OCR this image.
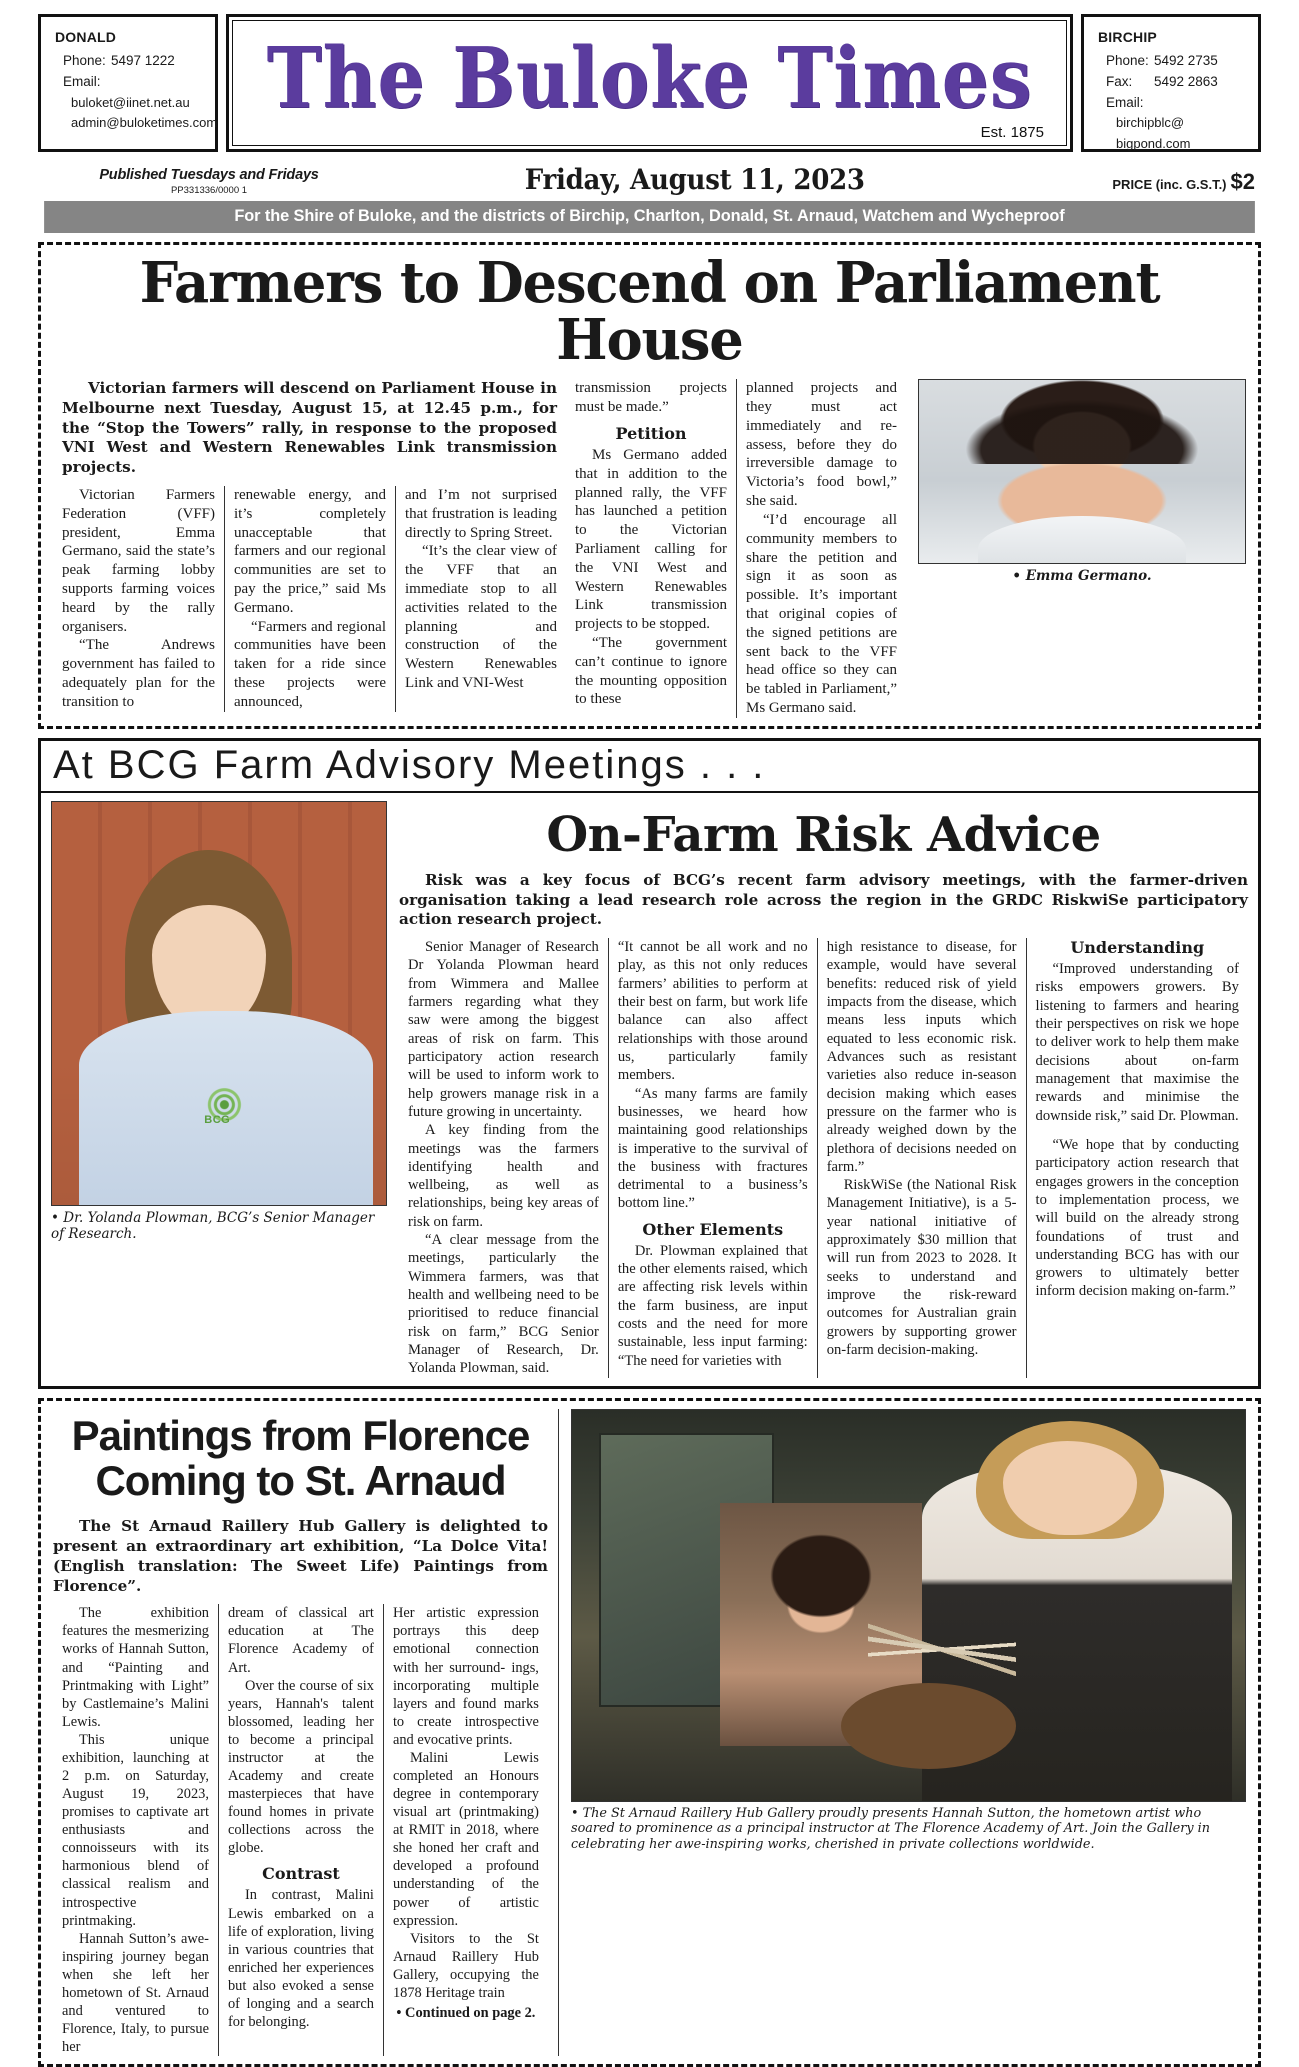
DONALD
Phone: 5497 1222
Email:
buloket@iinet.net.au
admin@buloketimes.com The Buloke Times
Est. 1875
BIRCHIP
Phone: 5492 2735
Fax: 5492 2863
Email:
birchipblc@
bigpond.com
Published Tuesdays and Fridays
PP331336/0000 1	Friday, August 11, 2023	PRICE (inc. G.S.T.) $2
For the Shire of Buloke, and the districts of Birchip, Charlton, Donald, St. Arnaud, Watchem and Wycheproof
Farmers to Descend on Parliament House
Victorian farmers will descend on Parliament House in Melbourne next Tuesday, August 15, at 12.45 p.m., for the “Stop the Towers” rally, in response to the proposed VNI West and Western Renewables Link transmission projects.

Victorian Farmers Federation (VFF) president, Emma Germano, said the state’s peak farming lobby supports farming voices heard by the rally organisers.

“The Andrews government has failed to adequately plan for the transition to

renewable energy, and it’s completely unacceptable that farmers and our regional communities are set to pay the price,” said Ms Germano.

“Farmers and regional communities have been taken for a ride since these projects were announced,

and I’m not surprised that frustration is leading directly to Spring Street.

“It’s the clear view of the VFF that an immediate stop to all activities related to the planning and construction of the Western Renewables Link and VNI-West

transmission projects must be made.”

Petition

Ms Germano added that in addition to the planned rally, the VFF has launched a petition to the Victorian Parliament calling for the VNI West and Western Renewables Link transmission projects to be stopped.

“The government can’t continue to ignore the mounting opposition to these

planned projects and they must act immediately and re-assess, before they do irreversible damage to Victoria’s food bowl,” she said.

“I’d encourage all community members to share the petition and sign it as soon as possible. It’s important that original copies of the signed petitions are sent back to the VFF head office so they can be tabled in Parliament,” Ms Germano said.

• Emma Germano.
At BCG Farm Advisory Meetings . . .
BCG
• Dr. Yolanda Plowman, BCG’s Senior Manager of Research.
On-Farm Risk Advice
Risk was a key focus of BCG’s recent farm advisory meetings, with the farmer-driven organisation taking a lead research role across the region in the GRDC RiskwiSe participatory action research project.

Senior Manager of Research Dr Yolanda Plowman heard from Wimmera and Mallee farmers regarding what they saw were among the biggest areas of risk on farm. This participatory action research will be used to inform work to help growers manage risk in a future growing in uncertainty.

A key finding from the meetings was the farmers identifying health and wellbeing, as well as relationships, being key areas of risk on farm.

“A clear message from the meetings, particularly the Wimmera farmers, was that health and wellbeing need to be prioritised to reduce financial risk on farm,” BCG Senior Manager of Research, Dr. Yolanda Plowman, said.

“It cannot be all work and no play, as this not only reduces farmers’ abilities to perform at their best on farm, but work life balance can also affect relationships with those around us, particularly family members.

“As many farms are family businesses, we heard how maintaining good relationships is imperative to the survival of the business with fractures detrimental to a business’s bottom line.”

Other Elements

Dr. Plowman explained that the other elements raised, which are affecting risk levels within the farm business, are input costs and the need for more sustainable, less input farming: “The need for varieties with

high resistance to disease, for example, would have several benefits: reduced risk of yield impacts from the disease, which means less inputs which equated to less economic risk. Advances such as resistant varieties also reduce in-season decision making which eases pressure on the farmer who is already weighed down by the plethora of decisions needed on farm.”

RiskWiSe (the National Risk Management Initiative), is a 5-year national initiative of approximately $30 million that will run from 2023 to 2028. It seeks to understand and improve the risk-reward outcomes for Australian grain growers by supporting grower on-farm decision-making.

Understanding

“Improved understanding of risks empowers growers. By listening to farmers and hearing their perspectives on risk we hope to deliver work to help them make decisions about on-farm management that maximise the rewards and minimise the downside risk,” said Dr. Plowman.

“We hope that by conducting participatory action research that engages growers in the conception to implementation process, we will build on the already strong foundations of trust and understanding BCG has with our growers to ultimately better inform decision making on-farm.”

Paintings from Florence Coming to St. Arnaud
The St Arnaud Raillery Hub Gallery is delighted to present an extraordinary art exhibition, “La Dolce Vita! (English translation: The Sweet Life) Paintings from Florence”.

The exhibition features the mesmerizing works of Hannah Sutton, and “Painting and Printmaking with Light” by Castlemaine’s Malini Lewis.

This unique exhibition, launching at 2 p.m. on Saturday, August 19, 2023, promises to captivate art enthusiasts and connoisseurs with its harmonious blend of classical realism and introspective printmaking.

Hannah Sutton’s awe-inspiring journey began when she left her hometown of St. Arnaud and ventured to Florence, Italy, to pursue her

dream of classical art education at The Florence Academy of Art.

Over the course of six years, Hannah's talent blossomed, leading her to become a principal instructor at the Academy and create masterpieces that have found homes in private collections across the globe.

Contrast

In contrast, Malini Lewis embarked on a life of exploration, living in various countries that enriched her experiences but also evoked a sense of longing and a search for belonging.

Her artistic expression portrays this deep emotional connection with her surround- ings, incorporating multiple layers and found marks to create introspective and evocative prints.

Malini Lewis completed an Honours degree in contemporary visual art (printmaking) at RMIT in 2018, where she honed her craft and developed a profound understanding of the power of artistic expression.

Visitors to the St Arnaud Raillery Hub Gallery, occupying the 1878 Heritage train

• Continued on page 2.

• The St Arnaud Raillery Hub Gallery proudly presents Hannah Sutton, the hometown artist who soared to prominence as a principal instructor at The Florence Academy of Art. Join the Gallery in celebrating her awe-inspiring works, cherished in private collections worldwide.
